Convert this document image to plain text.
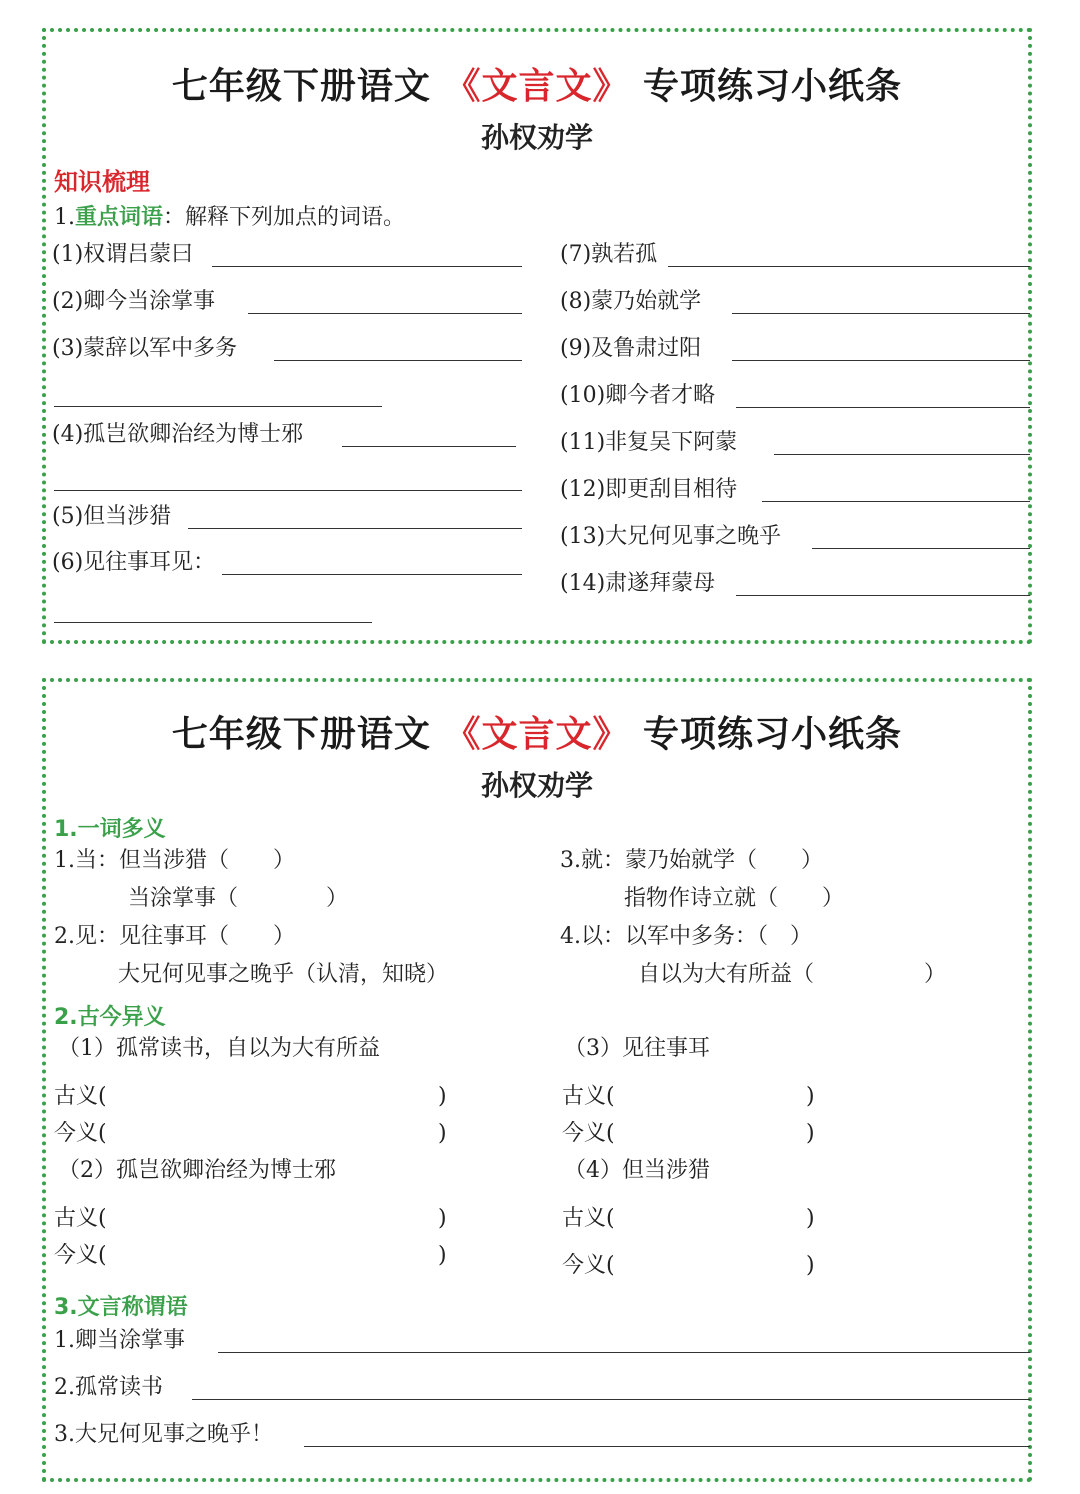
七年级下册语文 《文言文》 专项练习小纸条
孙权劝学
知识梳理
1.重点词语：解释下列加点的词语。
(1)权谓吕蒙曰
(2)卿今当涂掌事
(3)蒙辞以军中多务
(4)孤岂欲卿治经为博士邪
(5)但当涉猎
(6)见往事耳见：
(7)孰若孤
(8)蒙乃始就学
(9)及鲁肃过阳
(10)卿今者才略
(11)非复吴下阿蒙
(12)即更刮目相待
(13)大兄何见事之晚乎
(14)肃遂拜蒙母
七年级下册语文 《文言文》 专项练习小纸条
孙权劝学
1.一词多义
1.当：但当涉猎（　　）
当涂掌事（　　　　）
2.见：见往事耳（　　）
大兄何见事之晚乎（认清，知晓）
3.就：蒙乃始就学（　　）
指物作诗立就（　　）
4.以：以军中多务：（　）
自以为大有所益（　　　　　）
2.古今异义
（1）孤常读书，自以为大有所益
古义(	)
今义(	)
（2）孤岂欲卿治经为博士邪
古义(	)
今义(	)
（3）见往事耳
古义(	)
今义(	)
（4）但当涉猎
古义(	)
今义(	)
3.文言称谓语
1.卿当涂掌事
2.孤常读书
3.大兄何见事之晚乎！
